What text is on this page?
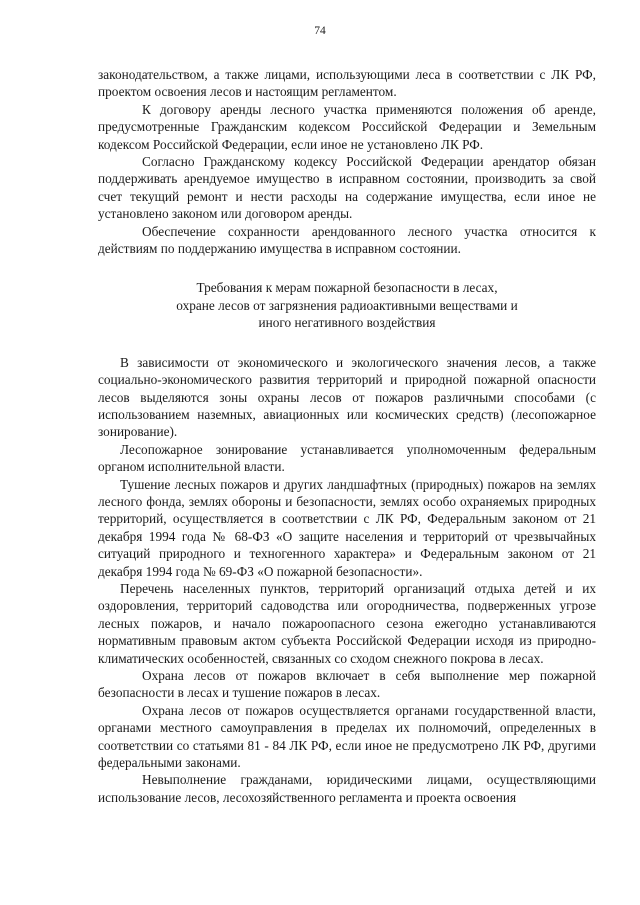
74

законодательством, а также лицами, использующими леса в соответствии с ЛК РФ, проектом освоения лесов и настоящим регламентом.

К договору аренды лесного участка применяются положения об аренде, предусмотренные Гражданским кодексом Российской Федерации и Земельным кодексом Российской Федерации, если иное не установлено ЛК РФ.

Согласно Гражданскому кодексу Российской Федерации арендатор обязан поддерживать арендуемое имущество в исправном состоянии, производить за свой счет текущий ремонт и нести расходы на содержание имущества, если иное не установлено законом или договором аренды.

Обеспечение сохранности арендованного лесного участка относится к действиям по поддержанию имущества в исправном состоянии.

Требования к мерам пожарной безопасности в лесах,
охране лесов от загрязнения радиоактивными веществами и
иного негативного воздействия

В зависимости от экономического и экологического значения лесов, а также социально-экономического развития территорий и природной пожарной опасности лесов выделяются зоны охраны лесов от пожаров различными способами (с использованием наземных, авиационных или космических средств) (лесопожарное зонирование).

Лесопожарное зонирование устанавливается уполномоченным федеральным органом исполнительной власти.

Тушение лесных пожаров и других ландшафтных (природных) пожаров на землях лесного фонда, землях обороны и безопасности, землях особо охраняемых природных территорий, осуществляется в соответствии с ЛК РФ, Федеральным законом от 21 декабря 1994 года № 68-ФЗ «О защите населения и территорий от чрезвычайных ситуаций природного и техногенного характера» и Федеральным законом от 21 декабря 1994 года № 69-ФЗ «О пожарной безопасности».

Перечень населенных пунктов, территорий организаций отдыха детей и их оздоровления, территорий садоводства или огородничества, подверженных угрозе лесных пожаров, и начало пожароопасного сезона ежегодно устанавливаются нормативным правовым актом субъекта Российской Федерации исходя из природно-климатических особенностей, связанных со сходом снежного покрова в лесах.

Охрана лесов от пожаров включает в себя выполнение мер пожарной безопасности в лесах и тушение пожаров в лесах.

Охрана лесов от пожаров осуществляется органами государственной власти, органами местного самоуправления в пределах их полномочий, определенных в соответствии со статьями 81 - 84 ЛК РФ, если иное не предусмотрено ЛК РФ, другими федеральными законами.

Невыполнение гражданами, юридическими лицами, осуществляющими использование лесов, лесохозяйственного регламента и проекта освоения
